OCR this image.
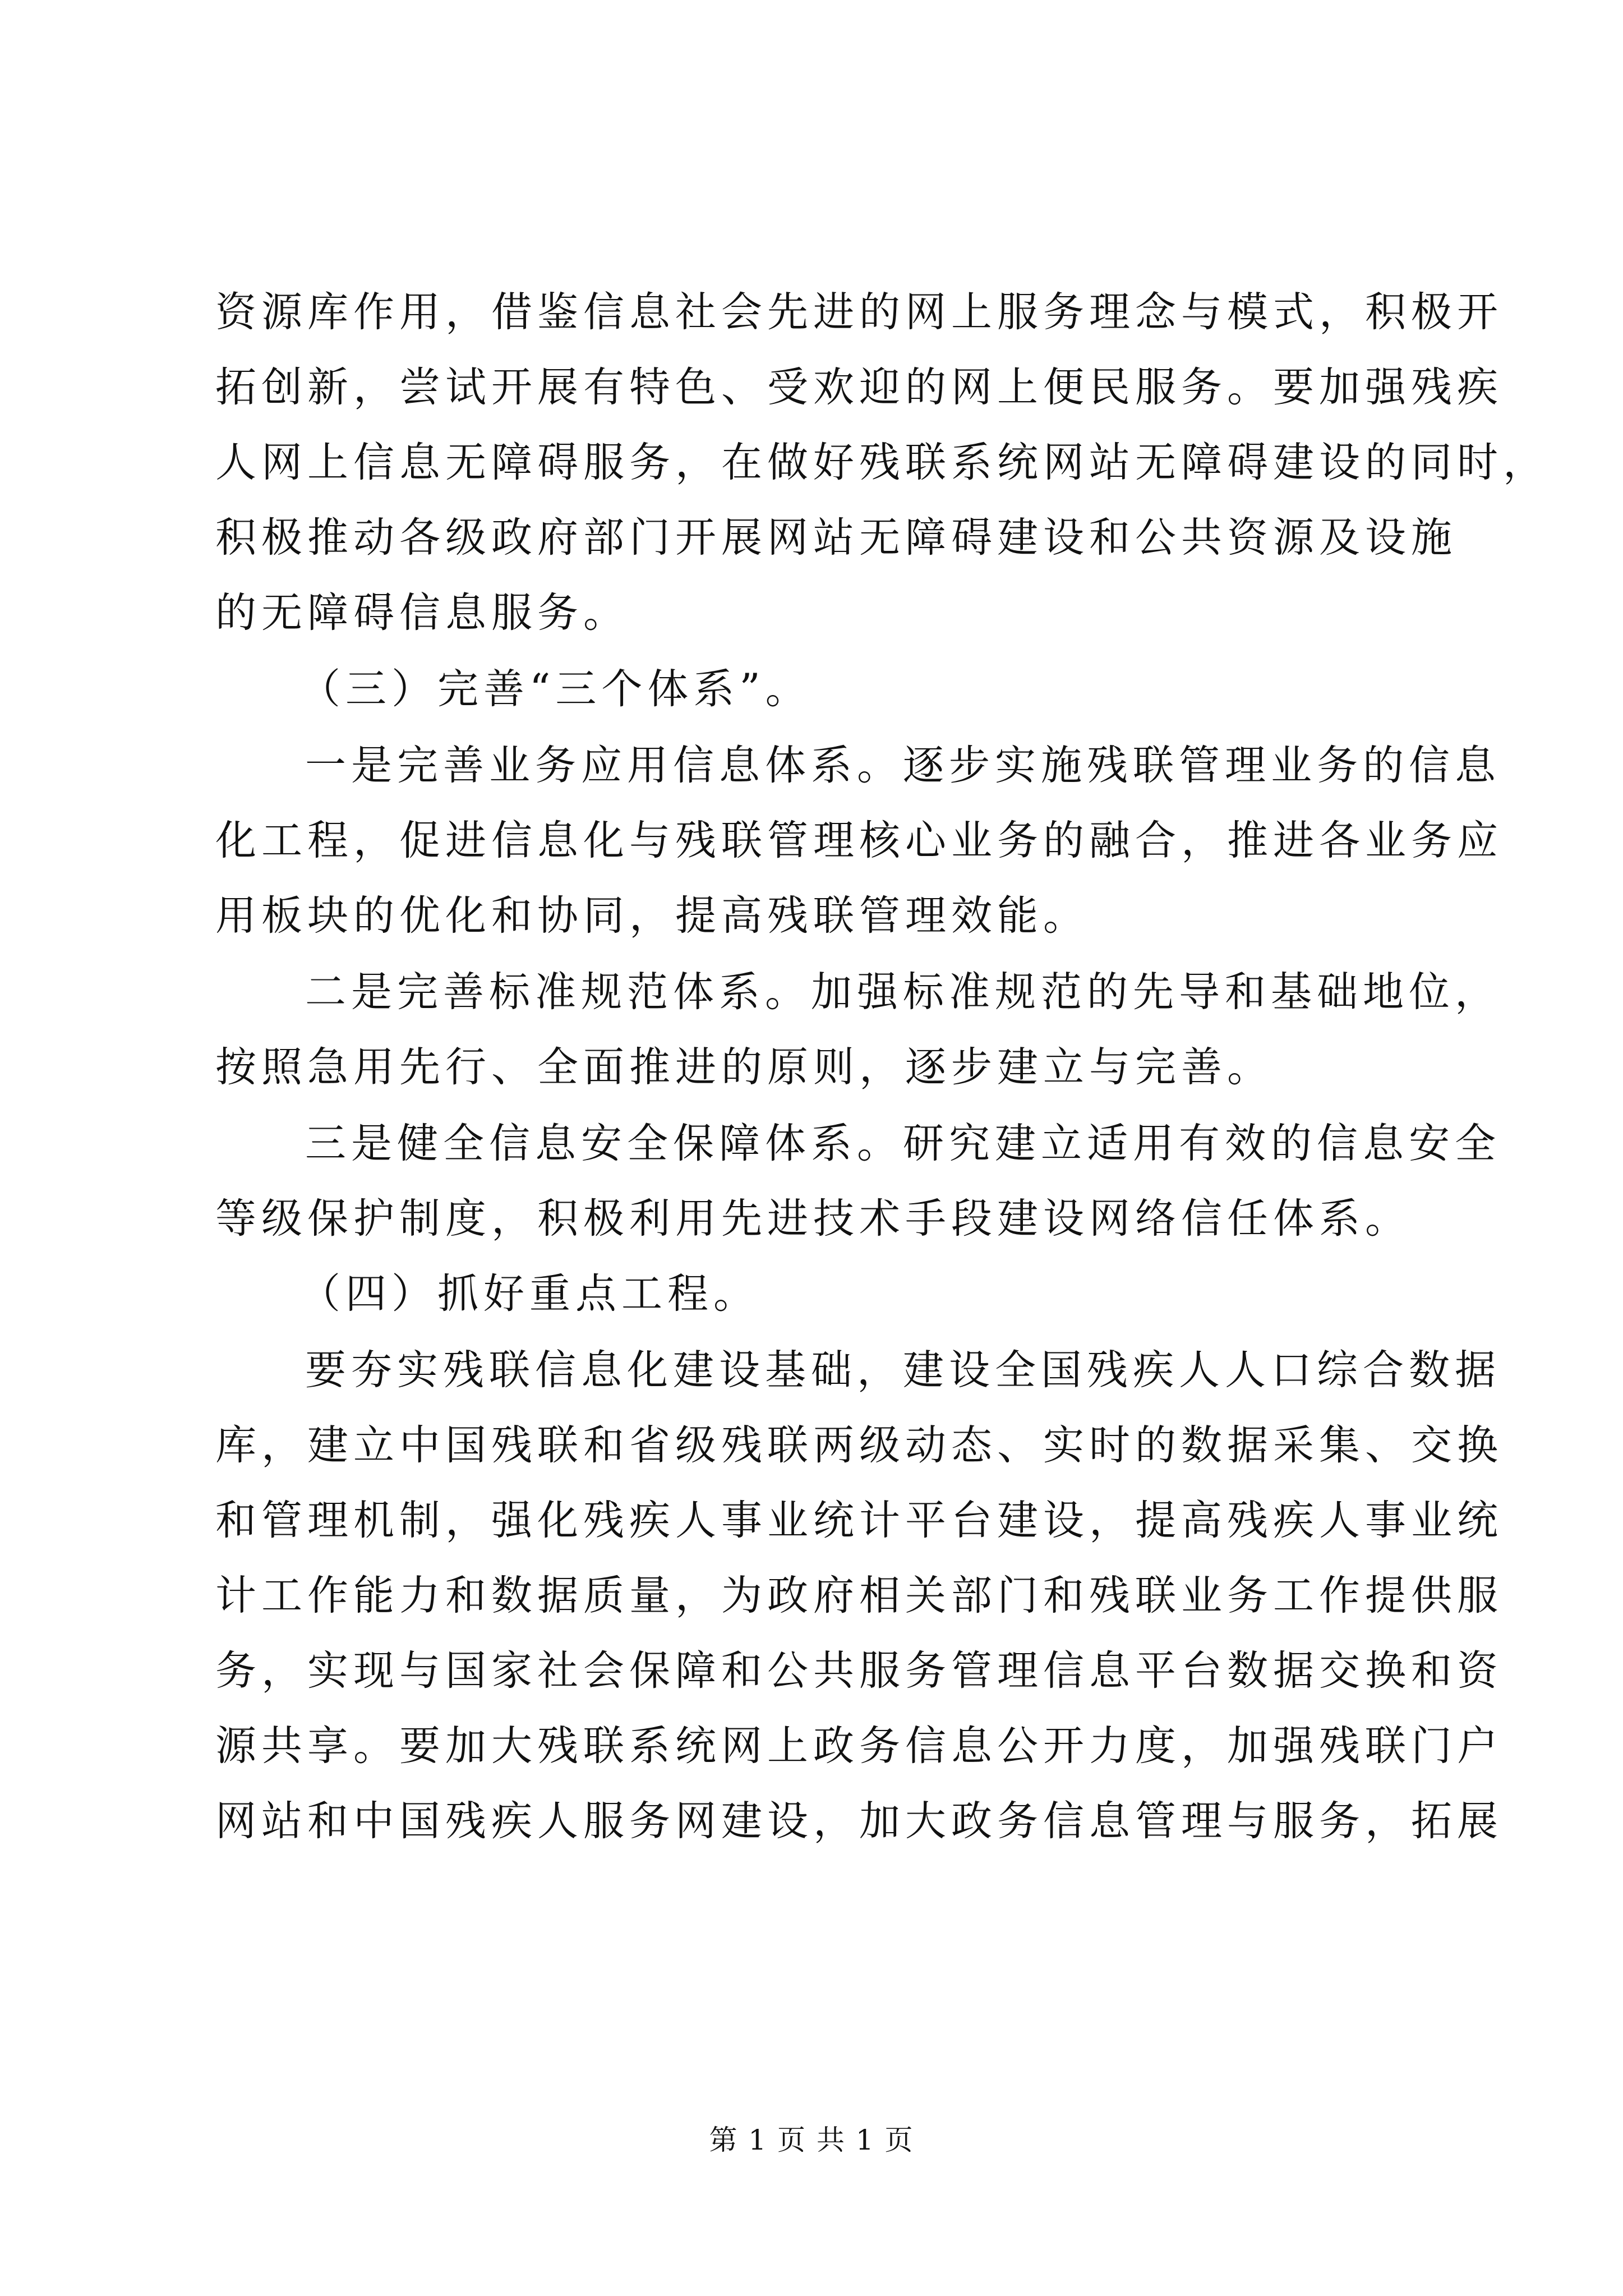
资源库作用，借鉴信息社会先进的网上服务理念与模式，积极开
拓创新，尝试开展有特色、受欢迎的网上便民服务。要加强残疾
人网上信息无障碍服务，在做好残联系统网站无障碍建设的同时，
积极推动各级政府部门开展网站无障碍建设和公共资源及设施
的无障碍信息服务。
（三）完善“三个体系”。
一是完善业务应用信息体系。逐步实施残联管理业务的信息
化工程，促进信息化与残联管理核心业务的融合，推进各业务应
用板块的优化和协同，提高残联管理效能。
二是完善标准规范体系。加强标准规范的先导和基础地位，
按照急用先行、全面推进的原则，逐步建立与完善。
三是健全信息安全保障体系。研究建立适用有效的信息安全
等级保护制度，积极利用先进技术手段建设网络信任体系。
（四）抓好重点工程。
要夯实残联信息化建设基础，建设全国残疾人人口综合数据
库，建立中国残联和省级残联两级动态、实时的数据采集、交换
和管理机制，强化残疾人事业统计平台建设，提高残疾人事业统
计工作能力和数据质量，为政府相关部门和残联业务工作提供服
务，实现与国家社会保障和公共服务管理信息平台数据交换和资
源共享。要加大残联系统网上政务信息公开力度，加强残联门户
网站和中国残疾人服务网建设，加大政务信息管理与服务，拓展
第 1 页 共 1 页
